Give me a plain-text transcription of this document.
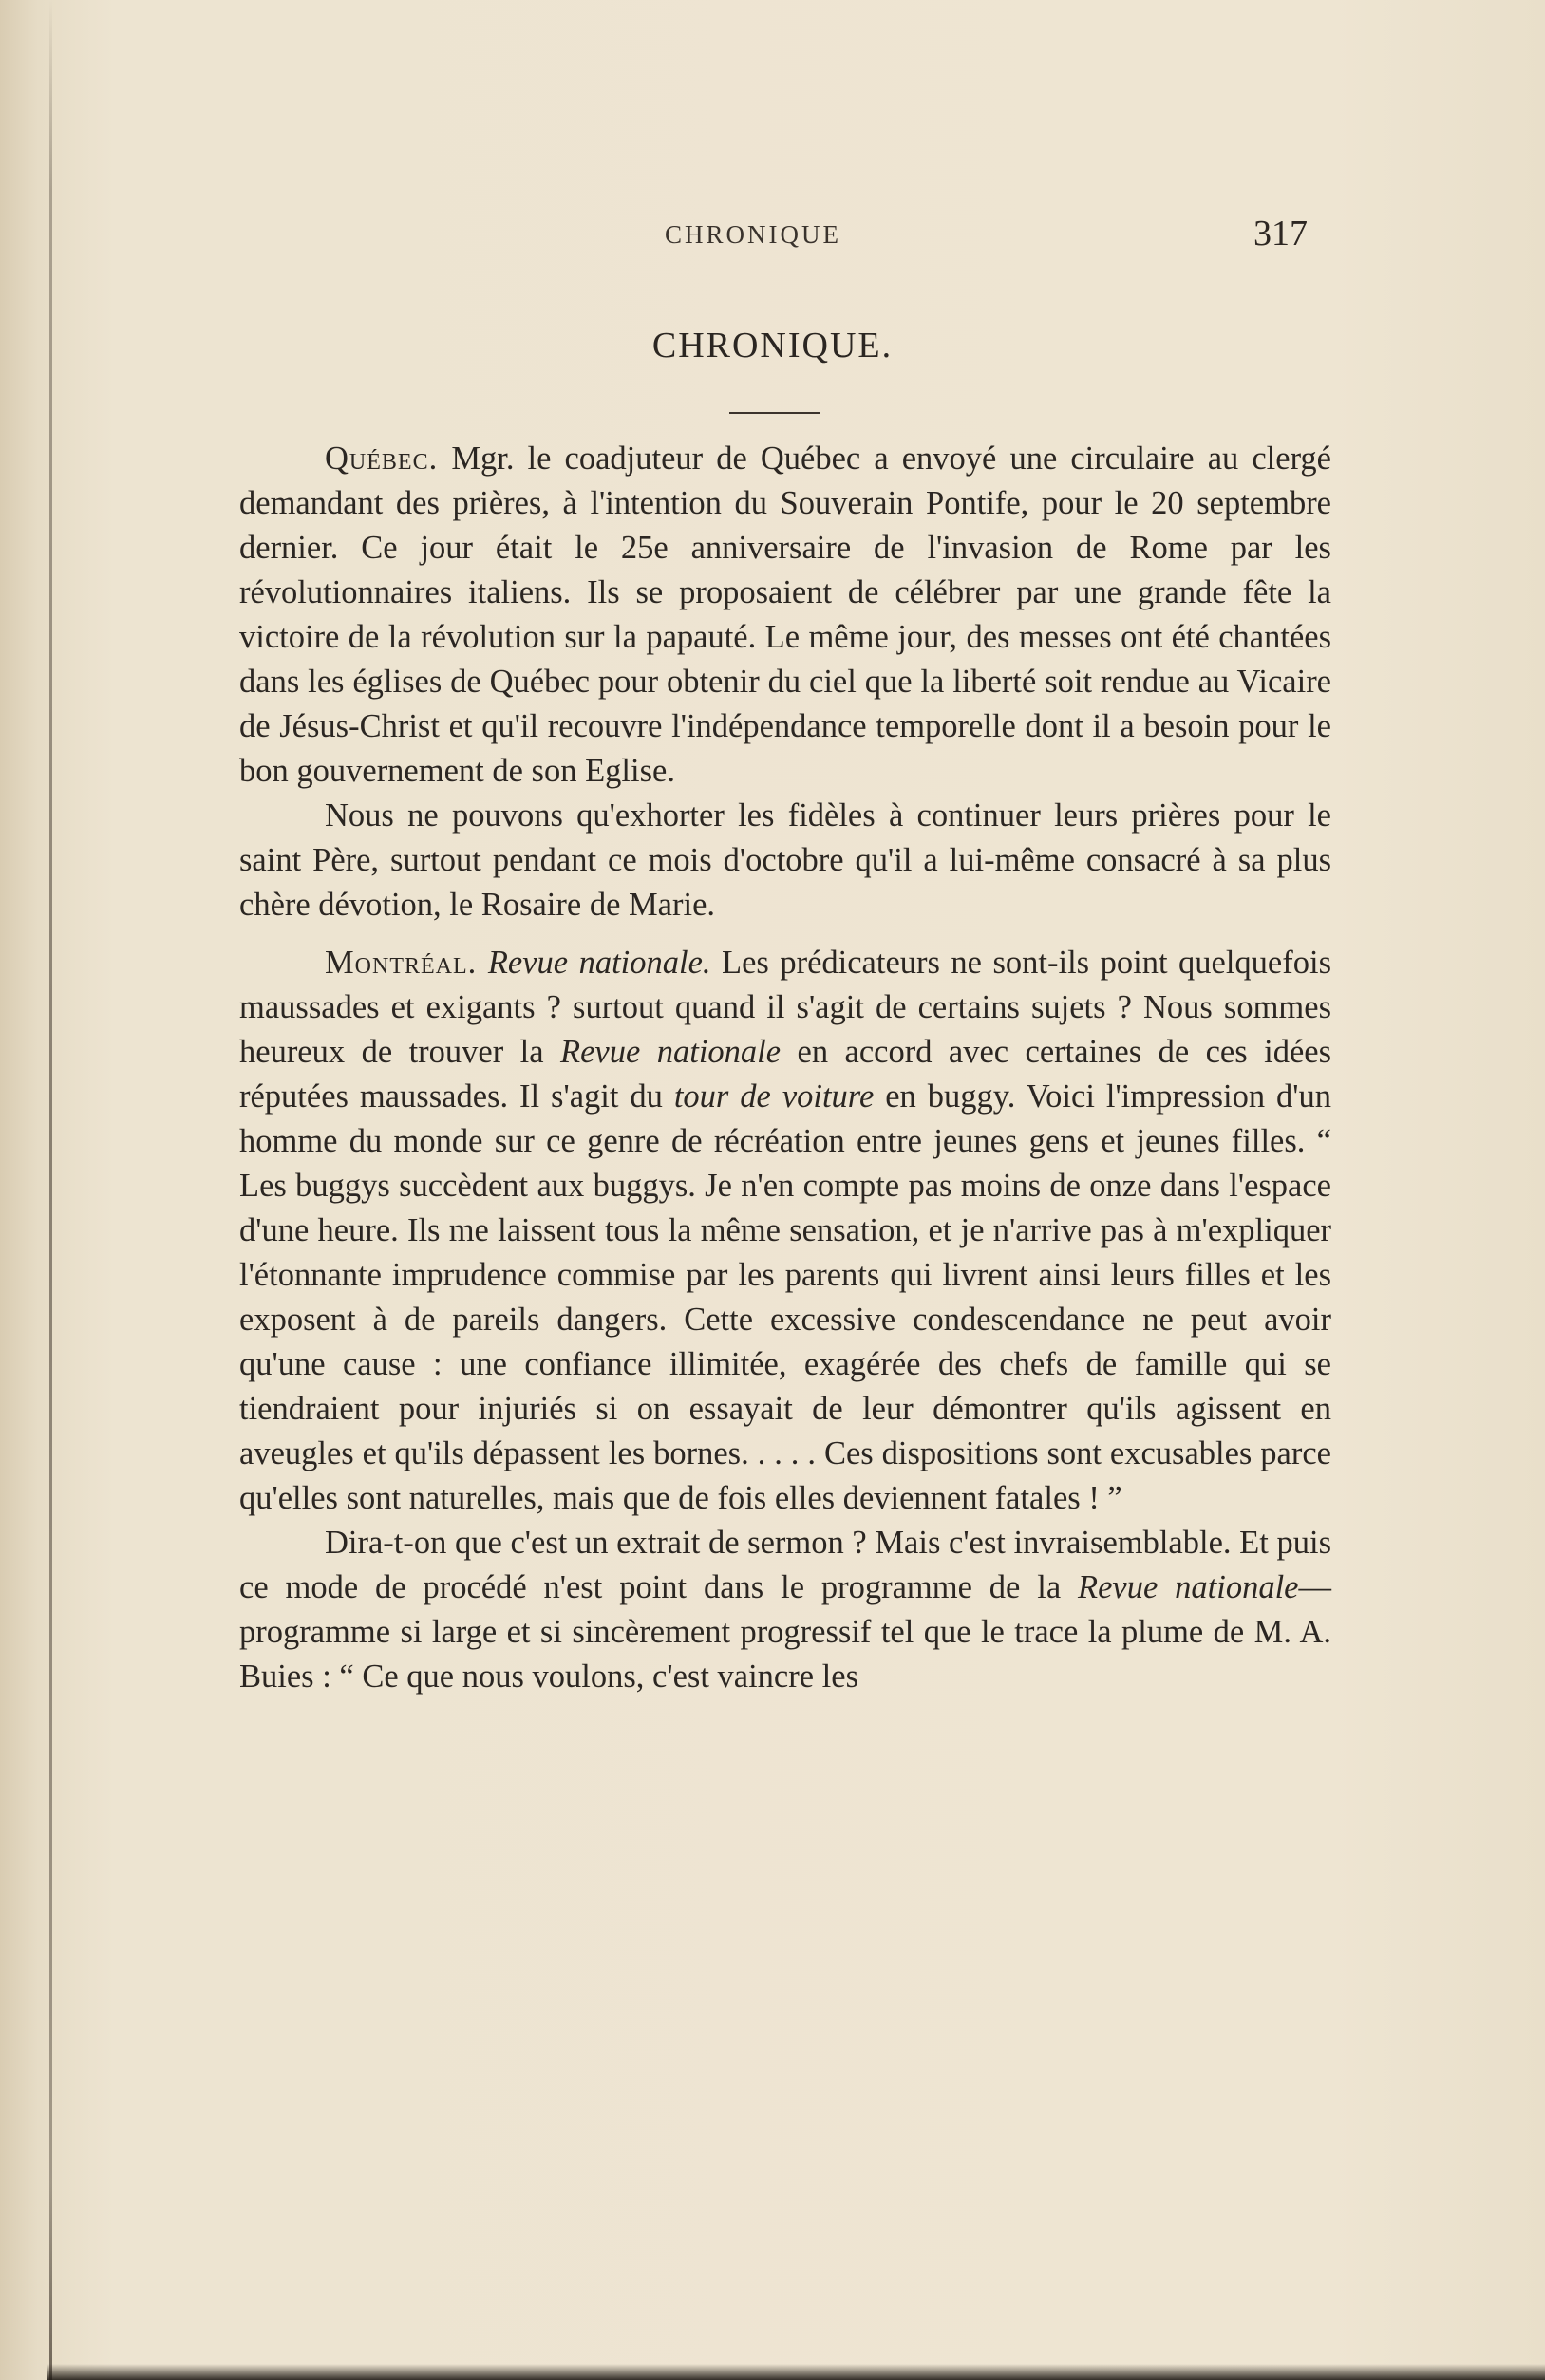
CHRONIQUE	317
CHRONIQUE.

Québec. Mgr. le coadjuteur de Québec a envoyé une circulaire au clergé demandant des prières, à l'intention du Souverain Pontife, pour le 20 septembre dernier. Ce jour était le 25e anniversaire de l'invasion de Rome par les révolutionnaires italiens. Ils se proposaient de célébrer par une grande fête la victoire de la révolution sur la papauté. Le même jour, des messes ont été chantées dans les églises de Québec pour obtenir du ciel que la liberté soit rendue au Vicaire de Jésus-Christ et qu'il recouvre l'indépendance temporelle dont il a besoin pour le bon gouvernement de son Eglise.

Nous ne pouvons qu'exhorter les fidèles à continuer leurs prières pour le saint Père, surtout pendant ce mois d'octobre qu'il a lui-même consacré à sa plus chère dévotion, le Rosaire de Marie.

Montréal. Revue nationale. Les prédicateurs ne sont-ils point quelquefois maussades et exigants ? surtout quand il s'agit de certains sujets ? Nous sommes heureux de trouver la Revue nationale en accord avec certaines de ces idées réputées maussades. Il s'agit du tour de voiture en buggy. Voici l'impression d'un homme du monde sur ce genre de récréation entre jeunes gens et jeunes filles. “ Les buggys succèdent aux buggys. Je n'en compte pas moins de onze dans l'espace d'une heure. Ils me laissent tous la même sensation, et je n'arrive pas à m'expliquer l'étonnante imprudence commise par les parents qui livrent ainsi leurs filles et les exposent à de pareils dangers. Cette excessive condescendance ne peut avoir qu'une cause : une confiance illimitée, exagérée des chefs de famille qui se tiendraient pour injuriés si on essayait de leur démontrer qu'ils agissent en aveugles et qu'ils dépassent les bornes. . . . . Ces dispositions sont excusables parce qu'elles sont naturelles, mais que de fois elles deviennent fatales ! ”

Dira-t-on que c'est un extrait de sermon ? Mais c'est invraisemblable. Et puis ce mode de procédé n'est point dans le programme de la Revue nationale—programme si large et si sincèrement progressif tel que le trace la plume de M. A. Buies : “ Ce que nous voulons, c'est vaincre les
